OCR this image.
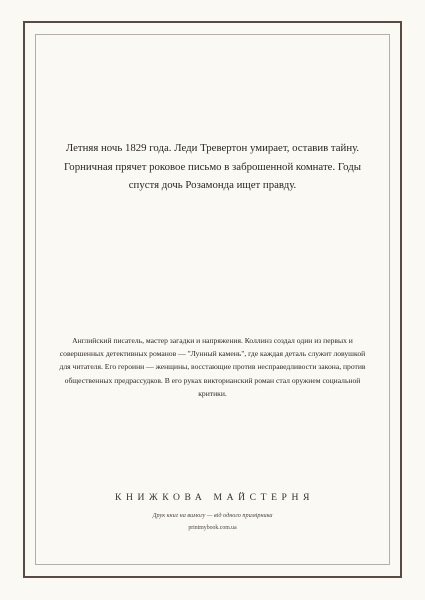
Летняя ночь 1829 года. Леди Тревертон умирает, оставив тайну. Горничная прячет роковое письмо в заброшенной комнате. Годы спустя дочь Розамонда ищет правду.

Английский писатель, мастер загадки и напряжения. Коллинз создал один из первых и совершенных детективных романов — "Лунный камень", где каждая деталь служит ловушкой для читателя. Его героини — женщины, восстающие против несправедливости закона, против общественных предрассудков. В его руках викторианский роман стал оружием социальной критики.

КНИЖКОВА МАЙСТЕРНЯ

Друк книг на вимогу — від одного примірника

printmybook.com.ua
